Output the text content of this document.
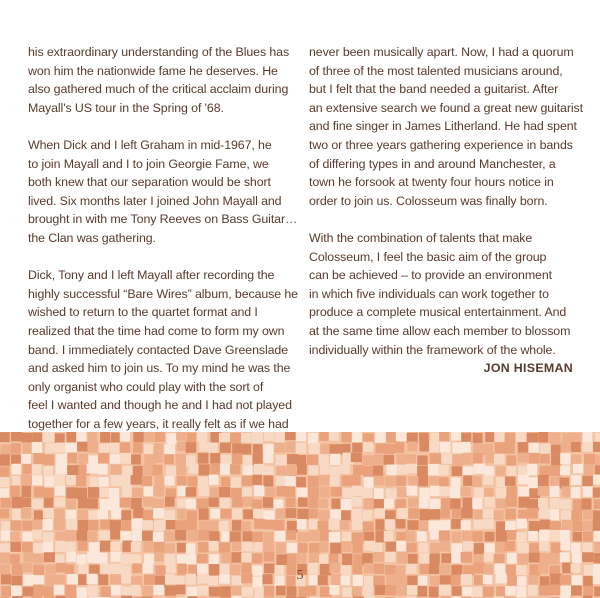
his extraordinary understanding of the Blues has
won him the nationwide fame he deserves. He
also gathered much of the critical acclaim during
Mayall's US tour in the Spring of '68.

When Dick and I left Graham in mid-1967, he
to join Mayall and I to join Georgie Fame, we
both knew that our separation would be short
lived. Six months later I joined John Mayall and
brought in with me Tony Reeves on Bass Guitar…
the Clan was gathering.

Dick, Tony and I left Mayall after recording the
highly successful “Bare Wires” album, because he
wished to return to the quartet format and I
realized that the time had come to form my own
band. I immediately contacted Dave Greenslade
and asked him to join us. To my mind he was the
only organist who could play with the sort of
feel I wanted and though he and I had not played
together for a few years, it really felt as if we had

never been musically apart. Now, I had a quorum
of three of the most talented musicians around,
but I felt that the band needed a guitarist. After
an extensive search we found a great new guitarist
and fine singer in James Litherland. He had spent
two or three years gathering experience in bands
of differing types in and around Manchester, a
town he forsook at twenty four hours notice in
order to join us. Colosseum was finally born.

With the combination of talents that make
Colosseum, I feel the basic aim of the group
can be achieved – to provide an environment
in which five individuals can work together to
produce a complete musical entertainment. And
at the same time allow each member to blossom
individually within the framework of the whole.

JON HISEMAN
5
